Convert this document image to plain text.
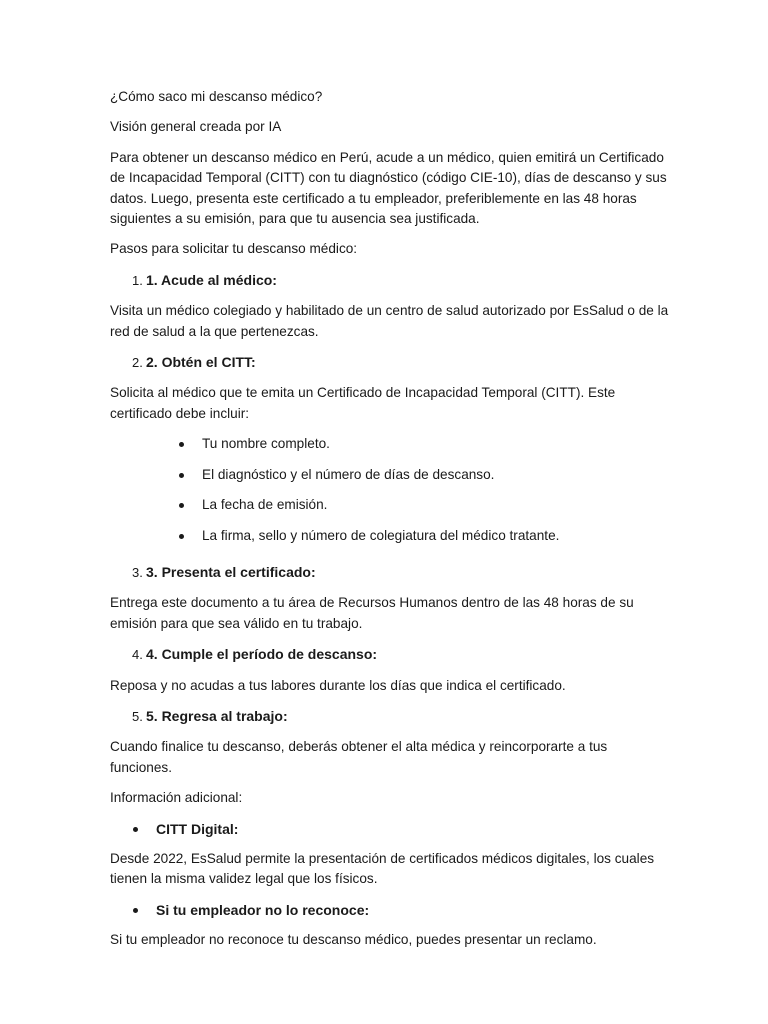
¿Cómo saco mi descanso médico?

Visión general creada por IA

Para obtener un descanso médico en Perú, acude a un médico, quien emitirá un Certificado de Incapacidad Temporal (CITT) con tu diagnóstico (código CIE-10), días de descanso y sus datos. Luego, presenta este certificado a tu empleador, preferiblemente en las 48 horas siguientes a su emisión, para que tu ausencia sea justificada.

Pasos para solicitar tu descanso médico:

1. 1. Acude al médico:

Visita un médico colegiado y habilitado de un centro de salud autorizado por EsSalud o de la red de salud a la que pertenezcas.

2. 2. Obtén el CITT:

Solicita al médico que te emita un Certificado de Incapacidad Temporal (CITT). Este certificado debe incluir:

Tu nombre completo.
El diagnóstico y el número de días de descanso.
La fecha de emisión.
La firma, sello y número de colegiatura del médico tratante.
3. 3. Presenta el certificado:

Entrega este documento a tu área de Recursos Humanos dentro de las 48 horas de su emisión para que sea válido en tu trabajo.

4. 4. Cumple el período de descanso:

Reposa y no acudas a tus labores durante los días que indica el certificado.

5. 5. Regresa al trabajo:

Cuando finalice tu descanso, deberás obtener el alta médica y reincorporarte a tus funciones.

Información adicional:

CITT Digital:

Desde 2022, EsSalud permite la presentación de certificados médicos digitales, los cuales tienen la misma validez legal que los físicos.

Si tu empleador no lo reconoce:

Si tu empleador no reconoce tu descanso médico, puedes presentar un reclamo.
